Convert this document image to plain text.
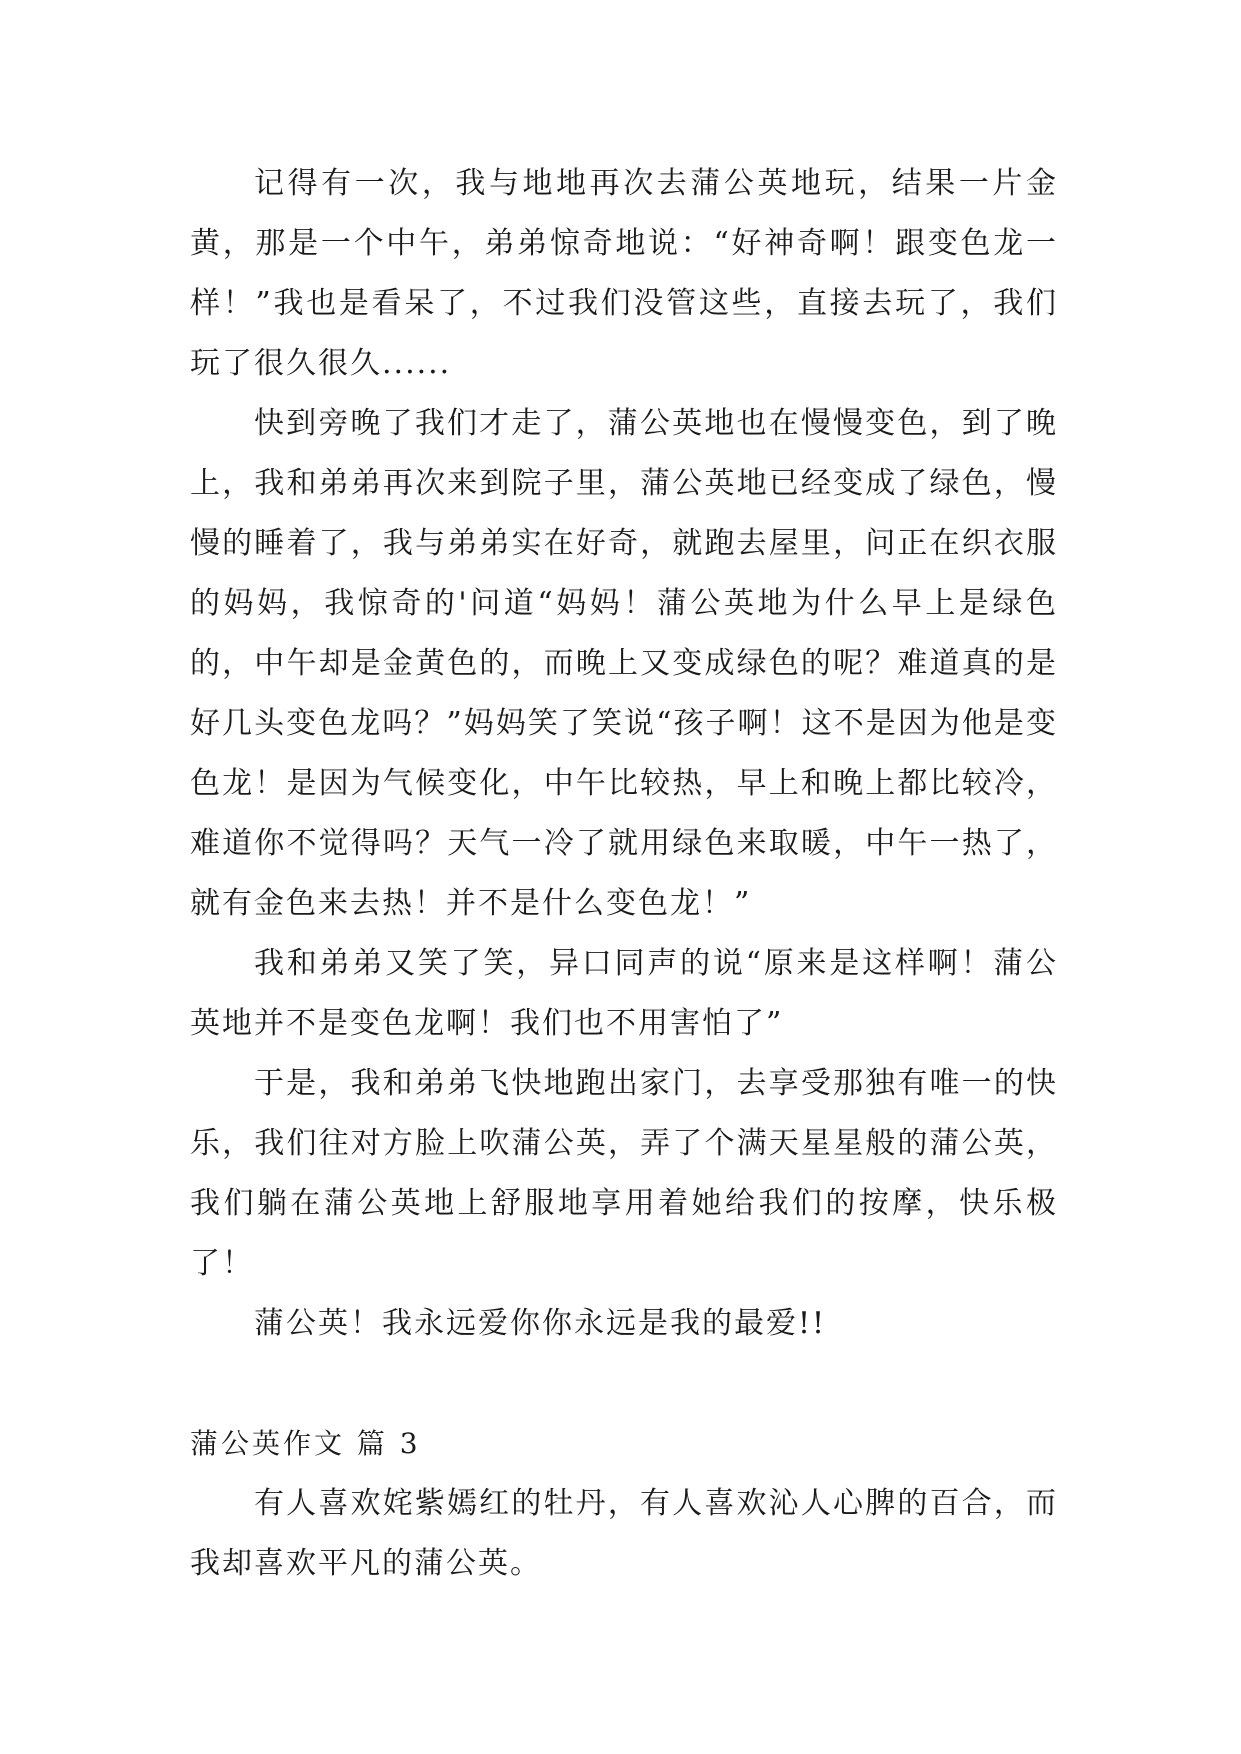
记得有一次，我与地地再次去蒲公英地玩，结果一片金黄，那是一个中午，弟弟惊奇地说：“好神奇啊！跟变色龙一样！”我也是看呆了，不过我们没管这些，直接去玩了，我们玩了很久很久......

快到旁晚了我们才走了，蒲公英地也在慢慢变色，到了晚上，我和弟弟再次来到院子里，蒲公英地已经变成了绿色，慢慢的睡着了，我与弟弟实在好奇，就跑去屋里，问正在织衣服的妈妈，我惊奇的'问道“妈妈！蒲公英地为什么早上是绿色的，中午却是金黄色的，而晚上又变成绿色的呢？难道真的是好几头变色龙吗？”妈妈笑了笑说“孩子啊！这不是因为他是变色龙！是因为气候变化，中午比较热，早上和晚上都比较冷，难道你不觉得吗？天气一冷了就用绿色来取暖，中午一热了，就有金色来去热！并不是什么变色龙！”

我和弟弟又笑了笑，异口同声的说“原来是这样啊！蒲公英地并不是变色龙啊！我们也不用害怕了”

于是，我和弟弟飞快地跑出家门，去享受那独有唯一的快乐，我们往对方脸上吹蒲公英，弄了个满天星星般的蒲公英，我们躺在蒲公英地上舒服地享用着她给我们的按摩，快乐极了！

蒲公英！我永远爱你你永远是我的最爱!!

蒲公英作文 篇 3

有人喜欢姹紫嫣红的牡丹，有人喜欢沁人心脾的百合，而我却喜欢平凡的蒲公英。
